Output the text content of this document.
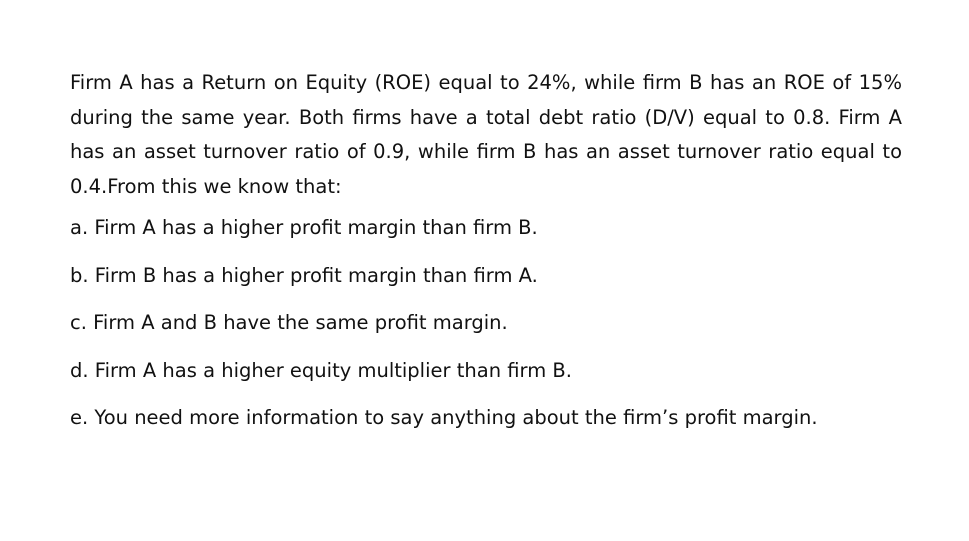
Firm A has a Return on Equity (ROE) equal to 24%, while firm B has an ROE of 15% during the same year. Both firms have a total debt ratio (D/V) equal to 0.8. Firm A has an asset turnover ratio of 0.9, while firm B has an asset turnover ratio equal to 0.4.From this we know that:

a. Firm A has a higher profit margin than firm B.
b. Firm B has a higher profit margin than firm A.
c. Firm A and B have the same profit margin.
d. Firm A has a higher equity multiplier than firm B.
e. You need more information to say anything about the firm’s profit margin.
